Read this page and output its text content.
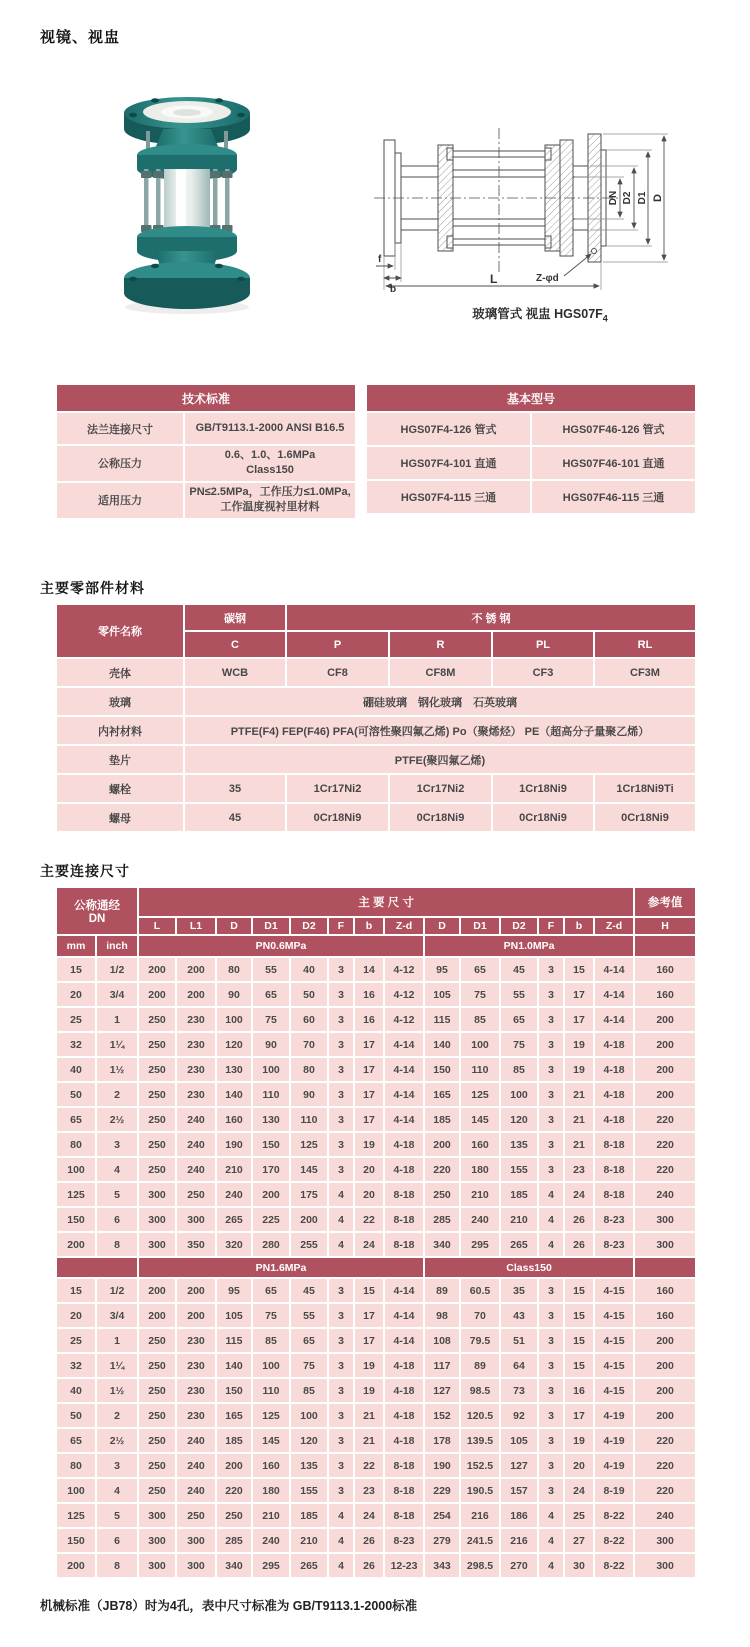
视镜、视盅
DN D2 D1 D
Z-φd
f
b
L
玻璃管式 视盅 $HGS07F_4$
技术标准	
法兰连接尺寸	GB/T9113.1-2000 ANSI B16.5

公称压力	0.6、1.0、1.6MPa
Class150

适用压力	PN≤2.5MPa，工作压力≤1.0MPa,
工作温度视衬里材料
基本型号	
HGS07F4-126 管式	HGS07F46-126 管式
HGS07F4-101 直通	HGS07F46-101 直通
HGS07F4-115 三通	HGS07F46-115 三通
主要零部件材料
零件名称	碳钢	不 锈 钢			
	C	P	R	PL	RL
壳体	WCB	CF8	CF8M	CF3	CF3M
玻璃	硼硅玻璃　钢化玻璃　石英玻璃				
内衬材料	PTFE(F4) FEP(F46) PFA(可溶性聚四氟乙烯) Po（聚烯烃） PE（超高分子量聚乙烯）				
垫片	PTFE(聚四氟乙烯)				
螺栓	35	1Cr17Ni2	1Cr17Ni2	1Cr18Ni9	1Cr18Ni9Ti
螺母	45	0Cr18Ni9	0Cr18Ni9	0Cr18Ni9	0Cr18Ni9
主要连接尺寸
公称通经
DN		主 要 尺 寸														参考值
		L	L1	D	D1	D2	F	b	Z-d	D	D1	D2	F	b	Z-d	H
mm	inch	PN0.6MPa								PN1.0MPa						
15	1/2	200	200	80	55	40	3	14	4-12	95	65	45	3	15	4-14	160
20	3/4	200	200	90	65	50	3	16	4-12	105	75	55	3	17	4-14	160
25	1	250	230	100	75	60	3	16	4-12	115	85	65	3	17	4-14	200
32	1¼	250	230	120	90	70	3	17	4-14	140	100	75	3	19	4-18	200
40	1½	250	230	130	100	80	3	17	4-14	150	110	85	3	19	4-18	200
50	2	250	230	140	110	90	3	17	4-14	165	125	100	3	21	4-18	200
65	2½	250	240	160	130	110	3	17	4-14	185	145	120	3	21	4-18	220
80	3	250	240	190	150	125	3	19	4-18	200	160	135	3	21	8-18	220
100	4	250	240	210	170	145	3	20	4-18	220	180	155	3	23	8-18	220
125	5	300	250	240	200	175	4	20	8-18	250	210	185	4	24	8-18	240
150	6	300	300	265	225	200	4	22	8-18	285	240	210	4	26	8-23	300
200	8	300	350	320	280	255	4	24	8-18	340	295	265	4	26	8-23	300
		PN1.6MPa								Class150						
15	1/2	200	200	95	65	45	3	15	4-14	89	60.5	35	3	15	4-15	160
20	3/4	200	200	105	75	55	3	17	4-14	98	70	43	3	15	4-15	160
25	1	250	230	115	85	65	3	17	4-14	108	79.5	51	3	15	4-15	200
32	1¼	250	230	140	100	75	3	19	4-18	117	89	64	3	15	4-15	200
40	1½	250	230	150	110	85	3	19	4-18	127	98.5	73	3	16	4-15	200
50	2	250	230	165	125	100	3	21	4-18	152	120.5	92	3	17	4-19	200
65	2½	250	240	185	145	120	3	21	4-18	178	139.5	105	3	19	4-19	220
80	3	250	240	200	160	135	3	22	8-18	190	152.5	127	3	20	4-19	220
100	4	250	240	220	180	155	3	23	8-18	229	190.5	157	3	24	8-19	220
125	5	300	250	250	210	185	4	24	8-18	254	216	186	4	25	8-22	240
150	6	300	300	285	240	210	4	26	8-23	279	241.5	216	4	27	8-22	300
200	8	300	300	340	295	265	4	26	12-23	343	298.5	270	4	30	8-22	300
机械标准（JB78）时为4孔，表中尺寸标准为 GB/T9113.1-2000标准
